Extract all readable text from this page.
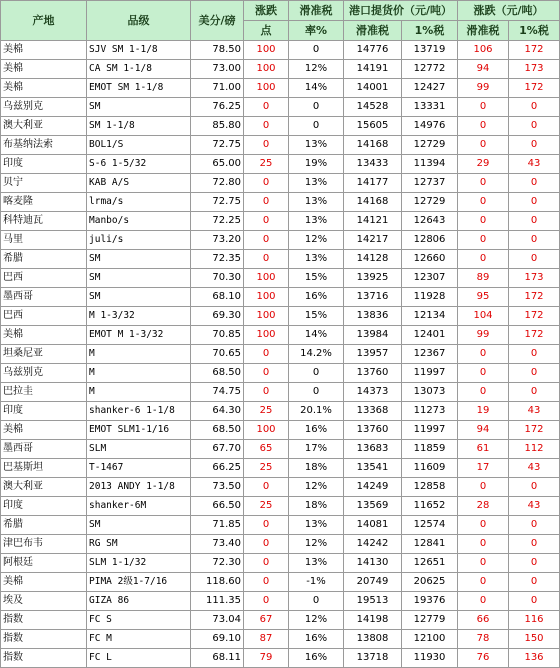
产地	品级	美分/磅	涨跌	滑准税	港口提货价（元/吨）		涨跌（元/吨）	
			点	率%	滑准税	1%税	滑准税	1%税
美棉	SJV SM 1-1/8	78.50	100	0	14776	13719	106	172
美棉	CA SM 1-1/8	73.00	100	12%	14191	12772	94	173
美棉	EMOT SM 1-1/8	71.00	100	14%	14001	12427	99	172
乌兹别克	SM	76.25	0	0	14528	13331	0	0
澳大利亚	SM 1-1/8	85.80	0	0	15605	14976	0	0
布基纳法索	BOL1/S	72.75	0	13%	14168	12729	0	0
印度	S-6 1-5/32	65.00	25	19%	13433	11394	29	43
贝宁	KAB A/S	72.80	0	13%	14177	12737	0	0
喀麦隆	lrma/s	72.75	0	13%	14168	12729	0	0
科特迪瓦	Manbo/s	72.25	0	13%	14121	12643	0	0
马里	juli/s	73.20	0	12%	14217	12806	0	0
希腊	SM	72.35	0	13%	14128	12660	0	0
巴西	SM	70.30	100	15%	13925	12307	89	173
墨西哥	SM	68.10	100	16%	13716	11928	95	172
巴西	M 1-3/32	69.30	100	15%	13836	12134	104	172
美棉	EMOT M 1-3/32	70.85	100	14%	13984	12401	99	172
坦桑尼亚	M	70.65	0	14.2%	13957	12367	0	0
乌兹别克	M	68.50	0	0	13760	11997	0	0
巴拉圭	M	74.75	0	0	14373	13073	0	0
印度	shanker-6 1-1/8	64.30	25	20.1%	13368	11273	19	43
美棉	EMOT SLM1-1/16	68.50	100	16%	13760	11997	94	172
墨西哥	SLM	67.70	65	17%	13683	11859	61	112
巴基斯坦	T-1467	66.25	25	18%	13541	11609	17	43
澳大利亚	2013 ANDY 1-1/8	73.50	0	12%	14249	12858	0	0
印度	shanker-6M	66.50	25	18%	13569	11652	28	43
希腊	SM	71.85	0	13%	14081	12574	0	0
津巴布韦	RG SM	73.40	0	12%	14242	12841	0	0
阿根廷	SLM 1-1/32	72.30	0	13%	14130	12651	0	0
美棉	PIMA 2级1-7/16	118.60	0	-1%	20749	20625	0	0
埃及	GIZA 86	111.35	0	0	19513	19376	0	0
指数	FC S	73.04	67	12%	14198	12779	66	116
指数	FC M	69.10	87	16%	13808	12100	78	150
指数	FC L	68.11	79	16%	13718	11930	76	136
